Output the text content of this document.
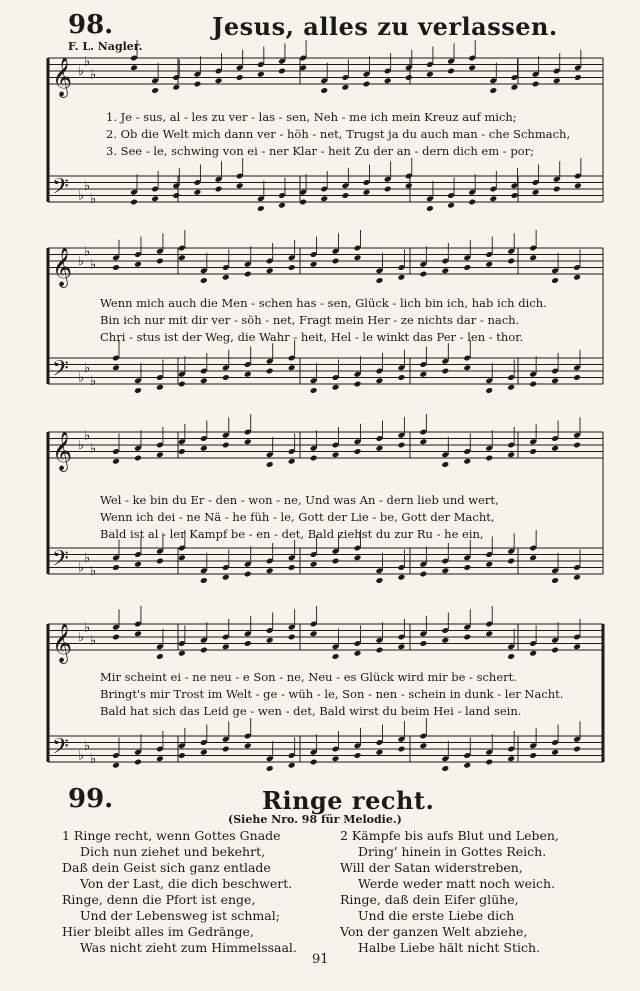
98.	Jesus, alles zu verlassen.
F. L. Nagler.
𝄞 ♭
♭
♭
𝄢 ♭
♭
♭
𝄞 ♭
♭
♭
𝄢 ♭
♭
♭
𝄞 ♭
♭
♭
𝄢 ♭
♭
♭
𝄞 ♭
♭
♭
𝄢 ♭
♭
♭
1. Je - sus, al - les zu ver - las - sen, Neh - me ich mein Kreuz auf mich;
2. Ob die Welt mich dann ver - höh - net, Trugst ja du auch man - che Schmach,
3. See - le, schwing von ei - ner Klar - heit Zu der an - dern dich em - por;
Wenn mich auch die Men - schen has - sen, Glück - lich bin ich, hab ich dich.
Bin ich nur mit dir ver - söh - net, Fragt mein Her - ze nichts dar - nach.
Chri - stus ist der Weg, die Wahr - heit, Hel - le winkt das Per - len - thor.
Wel - ke bin du Er - den - won - ne, Und was An - dern lieb und wert,
Wenn ich dei - ne Nä - he füh - le, Gott der Lie - be, Gott der Macht,
Bald ist al - ler Kampf be - en - det, Bald ziehst du zur Ru - he ein,
Mir scheint ei - ne neu - e Son - ne, Neu - es Glück wird mir be - schert.
Bringt's mir Trost im Welt - ge - wüh - le, Son - nen - schein in dunk - ler Nacht.
Bald hat sich das Leid ge - wen - det, Bald wirst du beim Hei - land sein.
99.	Ringe recht.
(Siehe Nro. 98 für Melodie.)
1 Ringe recht, wenn Gottes Gnade
Dich nun ziehet und bekehrt,
Daß dein Geist sich ganz entlade
Von der Last, die dich beschwert.
Ringe, denn die Pfort ist enge,
Und der Lebensweg ist schmal;
Hier bleibt alles im Gedränge,
Was nicht zieht zum Himmelssaal.
2 Kämpfe bis aufs Blut und Leben,
Dring' hinein in Gottes Reich.
Will der Satan widerstreben,
Werde weder matt noch weich.
Ringe, daß dein Eifer glühe,
Und die erste Liebe dich
Von der ganzen Welt abziehe,
Halbe Liebe hält nicht Stich.
91
